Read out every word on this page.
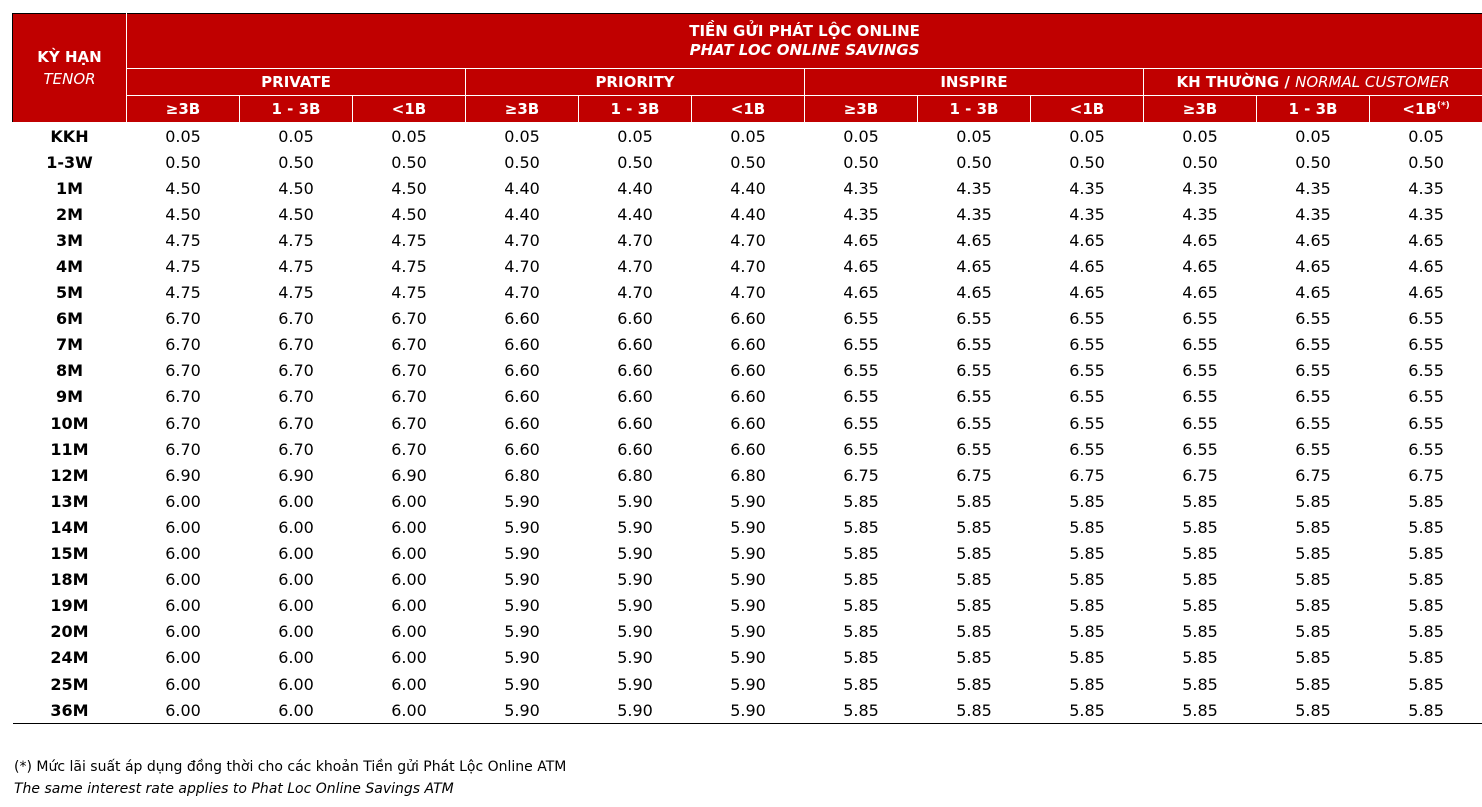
KỲ HẠN
TENOR	TIỀN GỬI PHÁT LỘC ONLINE
PHAT LOC ONLINE SAVINGS											

	PRIVATE			PRIORITY			INSPIRE			KH THƯỜNG / NORMAL CUSTOMER		
	≥3B	1 - 3B	<1B	≥3B	1 - 3B	<1B	≥3B	1 - 3B	<1B	≥3B	1 - 3B	<1B(*)
KKH	0.05	0.05	0.05	0.05	0.05	0.05	0.05	0.05	0.05	0.05	0.05	0.05
1-3W	0.50	0.50	0.50	0.50	0.50	0.50	0.50	0.50	0.50	0.50	0.50	0.50
1M	4.50	4.50	4.50	4.40	4.40	4.40	4.35	4.35	4.35	4.35	4.35	4.35
2M	4.50	4.50	4.50	4.40	4.40	4.40	4.35	4.35	4.35	4.35	4.35	4.35
3M	4.75	4.75	4.75	4.70	4.70	4.70	4.65	4.65	4.65	4.65	4.65	4.65
4M	4.75	4.75	4.75	4.70	4.70	4.70	4.65	4.65	4.65	4.65	4.65	4.65
5M	4.75	4.75	4.75	4.70	4.70	4.70	4.65	4.65	4.65	4.65	4.65	4.65
6M	6.70	6.70	6.70	6.60	6.60	6.60	6.55	6.55	6.55	6.55	6.55	6.55
7M	6.70	6.70	6.70	6.60	6.60	6.60	6.55	6.55	6.55	6.55	6.55	6.55
8M	6.70	6.70	6.70	6.60	6.60	6.60	6.55	6.55	6.55	6.55	6.55	6.55
9M	6.70	6.70	6.70	6.60	6.60	6.60	6.55	6.55	6.55	6.55	6.55	6.55
10M	6.70	6.70	6.70	6.60	6.60	6.60	6.55	6.55	6.55	6.55	6.55	6.55
11M	6.70	6.70	6.70	6.60	6.60	6.60	6.55	6.55	6.55	6.55	6.55	6.55
12M	6.90	6.90	6.90	6.80	6.80	6.80	6.75	6.75	6.75	6.75	6.75	6.75
13M	6.00	6.00	6.00	5.90	5.90	5.90	5.85	5.85	5.85	5.85	5.85	5.85
14M	6.00	6.00	6.00	5.90	5.90	5.90	5.85	5.85	5.85	5.85	5.85	5.85
15M	6.00	6.00	6.00	5.90	5.90	5.90	5.85	5.85	5.85	5.85	5.85	5.85
18M	6.00	6.00	6.00	5.90	5.90	5.90	5.85	5.85	5.85	5.85	5.85	5.85
19M	6.00	6.00	6.00	5.90	5.90	5.90	5.85	5.85	5.85	5.85	5.85	5.85
20M	6.00	6.00	6.00	5.90	5.90	5.90	5.85	5.85	5.85	5.85	5.85	5.85
24M	6.00	6.00	6.00	5.90	5.90	5.90	5.85	5.85	5.85	5.85	5.85	5.85
25M	6.00	6.00	6.00	5.90	5.90	5.90	5.85	5.85	5.85	5.85	5.85	5.85
36M	6.00	6.00	6.00	5.90	5.90	5.90	5.85	5.85	5.85	5.85	5.85	5.85
(*) Mức lãi suất áp dụng đồng thời cho các khoản Tiền gửi Phát Lộc Online ATM
The same interest rate applies to Phat Loc Online Savings ATM
